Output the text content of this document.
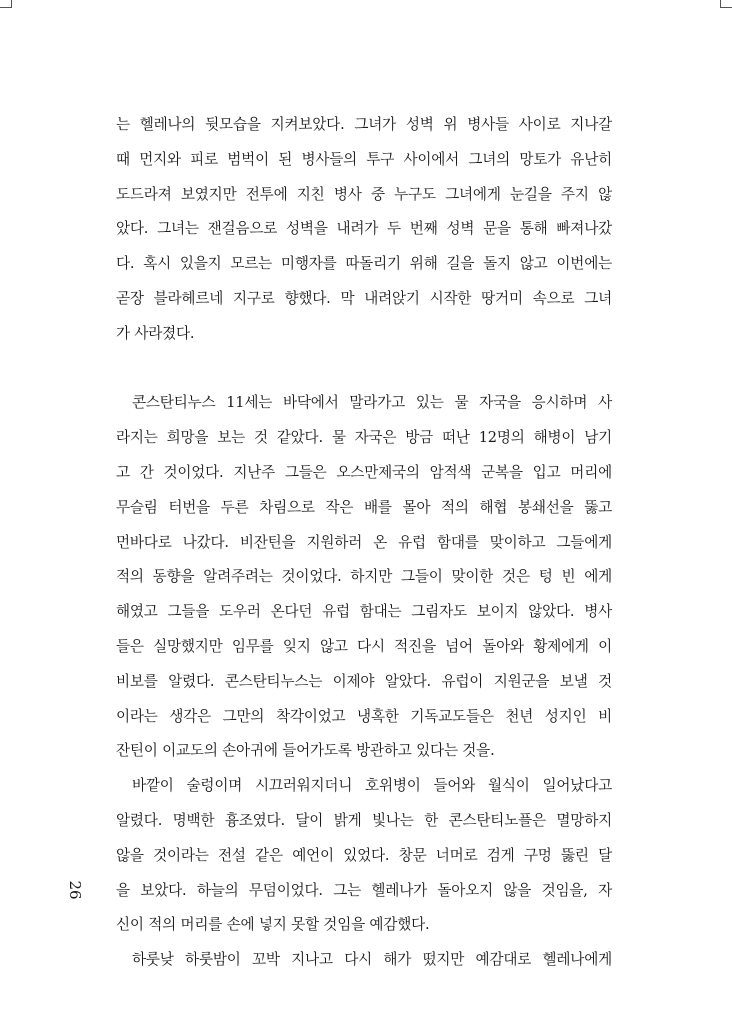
는 헬레나의 뒷모습을 지켜보았다. 그녀가 성벽 위 병사들 사이로 지나갈
때 먼지와 피로 범벅이 된 병사들의 투구 사이에서 그녀의 망토가 유난히
도드라져 보였지만 전투에 지친 병사 중 누구도 그녀에게 눈길을 주지 않
았다. 그녀는 잰걸음으로 성벽을 내려가 두 번째 성벽 문을 통해 빠져나갔
다. 혹시 있을지 모르는 미행자를 따돌리기 위해 길을 돌지 않고 이번에는
곧장 블라헤르네 지구로 향했다. 막 내려앉기 시작한 땅거미 속으로 그녀
가 사라졌다.
콘스탄티누스 11세는 바닥에서 말라가고 있는 물 자국을 응시하며 사
라지는 희망을 보는 것 같았다. 물 자국은 방금 떠난 12명의 해병이 남기
고 간 것이었다. 지난주 그들은 오스만제국의 암적색 군복을 입고 머리에
무슬림 터번을 두른 차림으로 작은 배를 몰아 적의 해협 봉쇄선을 뚫고
먼바다로 나갔다. 비잔틴을 지원하러 온 유럽 함대를 맞이하고 그들에게
적의 동향을 알려주려는 것이었다. 하지만 그들이 맞이한 것은 텅 빈 에게
해였고 그들을 도우러 온다던 유럽 함대는 그림자도 보이지 않았다. 병사
들은 실망했지만 임무를 잊지 않고 다시 적진을 넘어 돌아와 황제에게 이
비보를 알렸다. 콘스탄티누스는 이제야 알았다. 유럽이 지원군을 보낼 것
이라는 생각은 그만의 착각이었고 냉혹한 기독교도들은 천년 성지인 비
잔틴이 이교도의 손아귀에 들어가도록 방관하고 있다는 것을.
바깥이 술렁이며 시끄러워지더니 호위병이 들어와 월식이 일어났다고
알렸다. 명백한 흉조였다. 달이 밝게 빛나는 한 콘스탄티노플은 멸망하지
않을 것이라는 전설 같은 예언이 있었다. 창문 너머로 검게 구멍 뚫린 달
을 보았다. 하늘의 무덤이었다. 그는 헬레나가 돌아오지 않을 것임을, 자
신이 적의 머리를 손에 넣지 못할 것임을 예감했다.
하룻낮 하룻밤이 꼬박 지나고 다시 해가 떴지만 예감대로 헬레나에게
26
